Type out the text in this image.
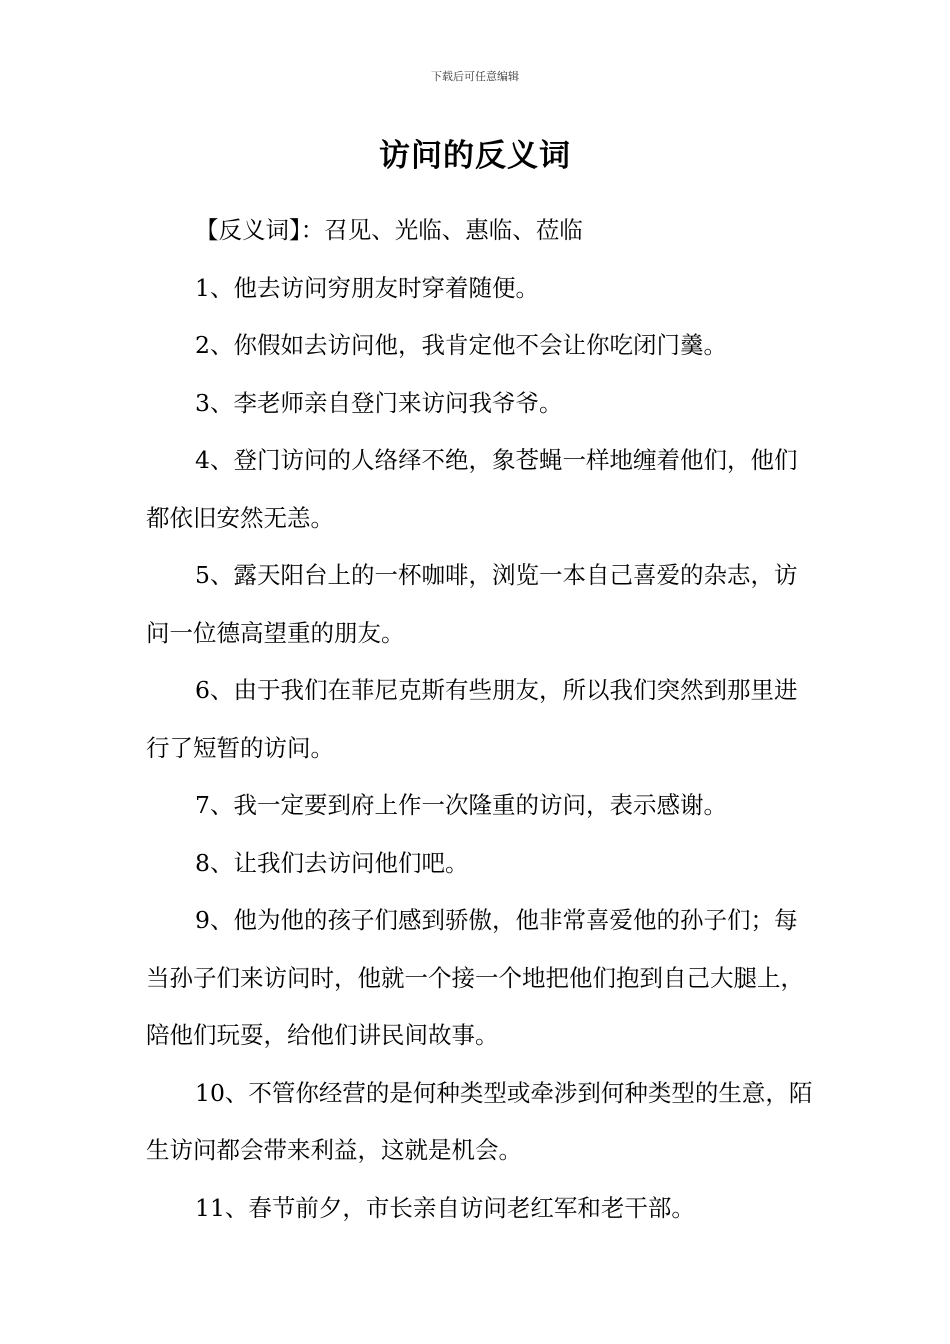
下载后可任意编辑
访问的反义词

【反义词】：召见、光临、惠临、莅临

1、他去访问穷朋友时穿着随便。

2、你假如去访问他，我肯定他不会让你吃闭门羹。

3、李老师亲自登门来访问我爷爷。

4、登门访问的人络绎不绝，象苍蝇一样地缠着他们，他们都依旧安然无恙。

5、露天阳台上的一杯咖啡，浏览一本自己喜爱的杂志，访问一位德高望重的朋友。

6、由于我们在菲尼克斯有些朋友，所以我们突然到那里进行了短暂的访问。

7、我一定要到府上作一次隆重的访问，表示感谢。

8、让我们去访问他们吧。

9、他为他的孩子们感到骄傲，他非常喜爱他的孙子们；每当孙子们来访问时，他就一个接一个地把他们抱到自己大腿上，陪他们玩耍，给他们讲民间故事。

10、不管你经营的是何种类型或牵涉到何种类型的生意，陌生访问都会带来利益，这就是机会。

11、春节前夕，市长亲自访问老红军和老干部。
